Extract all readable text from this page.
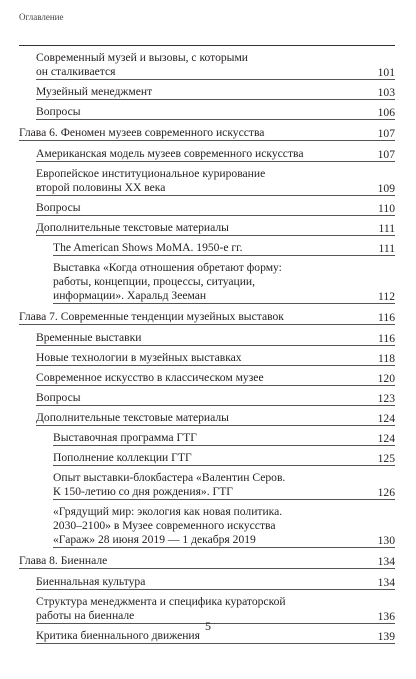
Оглавление
Современный музей и вызовы, с которыми
он сталкивается	101
Музейный менеджмент	103
Вопросы	106
Глава 6. Феномен музеев современного искусства	107
Американская модель музеев современного искусства	107
Европейское институциональное курирование
второй половины XX века	109
Вопросы	110
Дополнительные текстовые материалы	111
The American Shows MoMA. 1950-е гг.	111
Выставка «Когда отношения обретают форму:
работы, концепции, процессы, ситуации,
информации». Харальд Зееман	112
Глава 7. Современные тенденции музейных выставок	116
Временные выставки	116
Новые технологии в музейных выставках	118
Современное искусство в классическом музее	120
Вопросы	123
Дополнительные текстовые материалы	124
Выставочная программа ГТГ	124
Пополнение коллекции ГТГ	125
Опыт выставки-блокбастера «Валентин Серов.
К 150-летию со дня рождения». ГТГ	126
«Грядущий мир: экология как новая политика.
2030–2100» в Музее современного искусства
«Гараж» 28 июня 2019 — 1 декабря 2019	130
Глава 8. Биеннале	134
Биеннальная культура	134
Структура менеджмента и специфика кураторской
работы на биеннале	136
Критика биеннального движения	139
5
